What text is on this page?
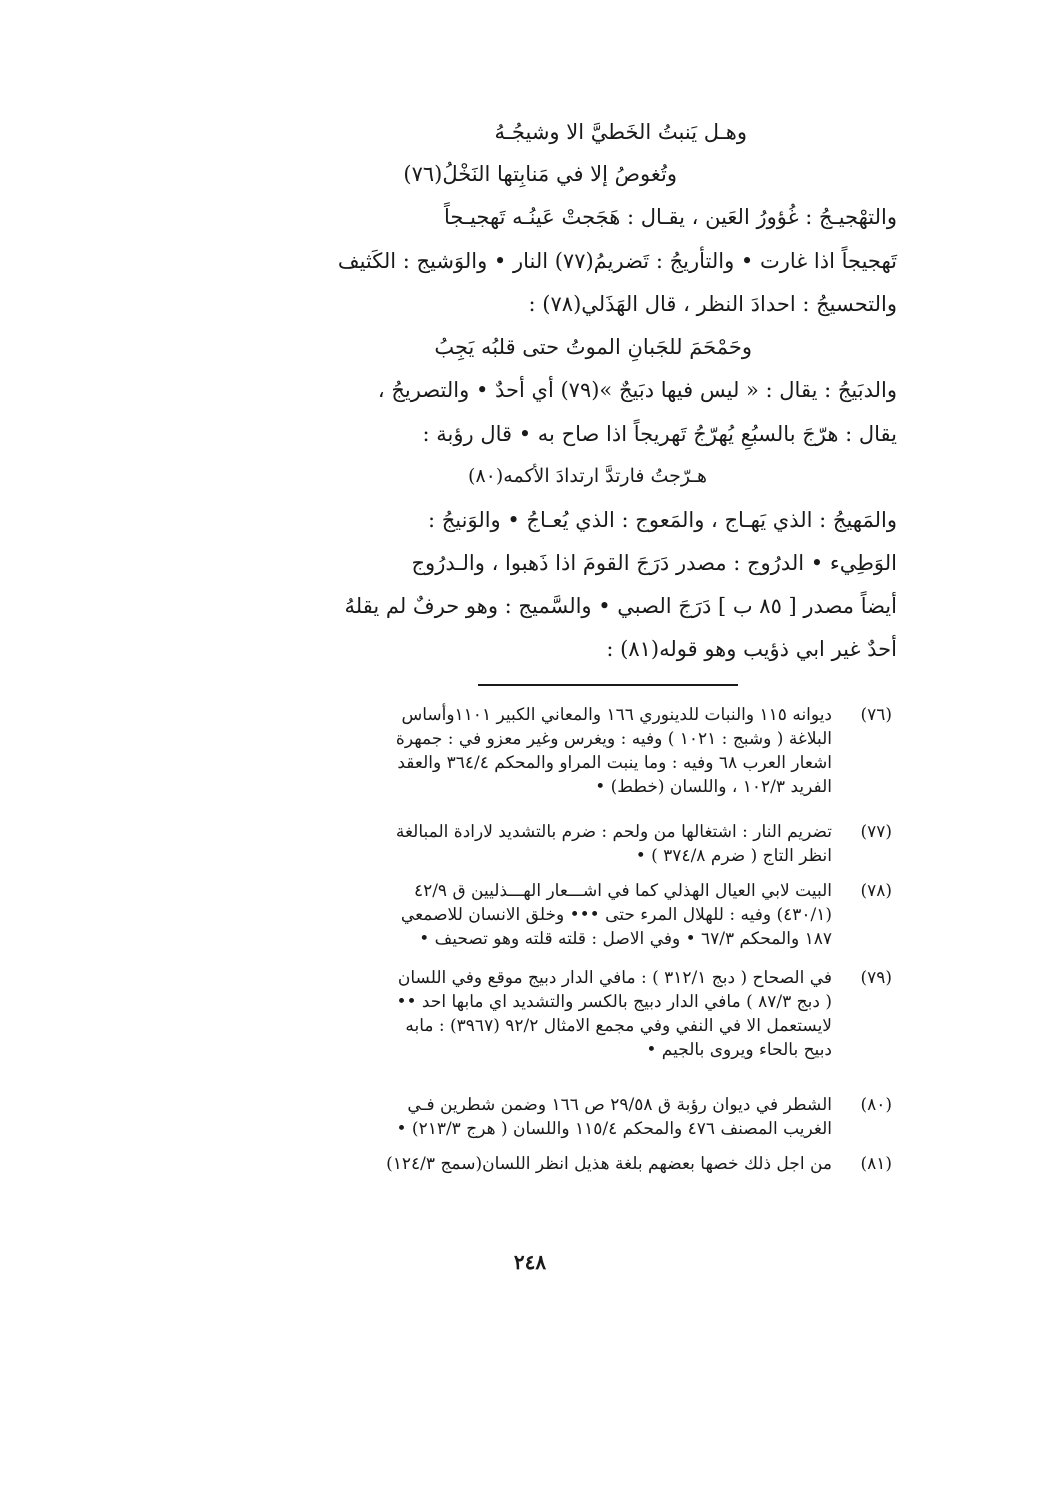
وهـل يَنبتُ الخَطيَّ الا وشيجُـهُ
وتُغوصُ إلا في مَنابِتها النَخْلُ(٧٦)
والتهْجيـجُ : غُؤورُ العَين ، يقـال : هَجَجتْ عَينُـه تَهجيـجاً
تَهجيجاً اذا غارت • والتأريجُ : تَضريمُ(٧٧) النار • والوَشيج : الكَثيف
والتحسيجُ : احدادَ النظر ، قال الهَذَلي(٧٨) :
وحَمْحَمَ للجَبانِ الموتُ حتى قلبُه يَجِبُ
والدبَيجُ : يقال : « ليس فيها دبَيجٌ »(٧٩) أي أحدٌ • والتصريجُ ،
يقال : هرّجَ بالسبُعِ يُهرّجُ تَهريجاً اذا صاح به • قال رؤبة :
هـرّجتُ فارتدَّ ارتدادَ الأكمه(٨٠)
والمَهيجُ : الذي يَهـاج ، والمَعوج : الذي يُعـاجُ • والوَنيجُ :
الوَطِيء • الدرُوج : مصدر دَرَجَ القومَ اذا ذَهبوا ، والـدرُوج
أيضاً مصدر [ ٨٥ ب ] دَرَجَ الصبي • والسَّميج : وهو حرفٌ لم يقلهُ
أحدٌ غير ابي ذؤيب وهو قوله(٨١) :
(٧٦)
ديوانه ١١٥ والنبات للدينوري ١٦٦ والمعاني الكبير ١١٠١وأساس
البلاغة ( وشبج : ١٠٢١ ) وفيه : ويغرس وغير معزو في : جمهرة
اشعار العرب ٦٨ وفيه : وما ينبت المراو والمحكم ٣٦٤/٤ والعقد
الفريد ١٠٢/٣ ، واللسان (خطط) •
(٧٧)
تضريم النار : اشتغالها من ولحم : ضرم بالتشديد لارادة المبالغة
انظر التاج ( ضرم ٣٧٤/٨ ) •
(٧٨)
البيت لابي العيال الهذلي كما في اشـــعار الهـــذليين ق ٤٢/٩
(٤٣٠/١) وفيه : للهلال المرء حتى ••• وخلق الانسان للاصمعي
١٨٧ والمحكم ٦٧/٣ • وفي الاصل : قلته قلته وهو تصحيف •
(٧٩)
في الصحاح ( دبج ٣١٢/١ ) : مافي الدار دبيج موقع وفي اللسان
( دبج ٨٧/٣ ) مافي الدار دبيج بالكسر والتشديد اي مابها احد ••
لايستعمل الا في النفي وفي مجمع الامثال ٩٢/٢ (٣٩٦٧) : مابه
دبيح بالحاء ويروى بالجيم •
(٨٠)
الشطر في ديوان رؤبة ق ٢٩/٥٨ ص ١٦٦ وضمن شطرين فـي
الغريب المصنف ٤٧٦ والمحكم ١١٥/٤ واللسان ( هرج ٢١٣/٣) •
(٨١)
من اجل ذلك خصها بعضهم بلغة هذيل انظر اللسان(سمج ١٢٤/٣)
٢٤٨
